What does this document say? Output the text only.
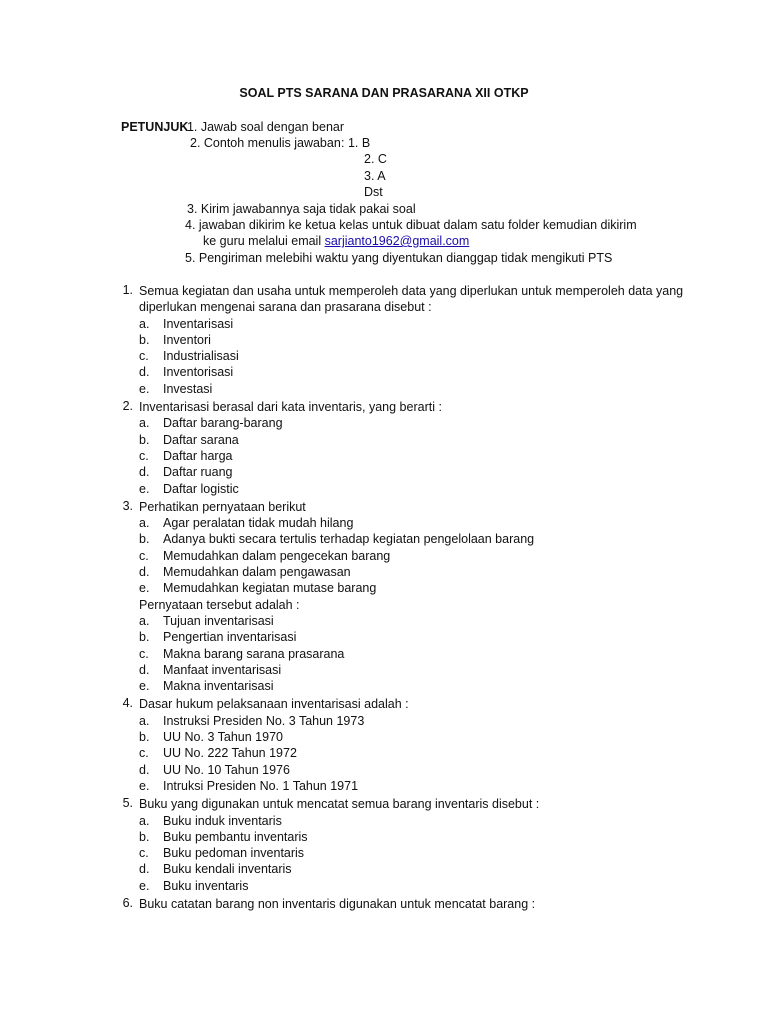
SOAL PTS SARANA DAN PRASARANA XII OTKP
PETUNJUK
: 1. Jawab soal dengan benar
2. Contoh menulis jawaban : 1. B
2. C
3. A
Dst
3. Kirim jawabannya saja tidak pakai soal
4. jawaban dikirim ke ketua kelas untuk dibuat dalam satu folder kemudian dikirim
ke guru melalui email sarjianto1962@gmail.com
5. Pengiriman melebihi waktu yang diyentukan dianggap tidak mengikuti PTS
1. Semua kegiatan dan usaha untuk memperoleh data yang diperlukan untuk memperoleh data yang diperlukan mengenai sarana dan prasarana disebut :
a. Inventarisasi
b. Inventori
c. Industrialisasi
d. Inventorisasi
e. Investasi
2. Inventarisasi berasal dari kata inventaris, yang berarti :
a. Daftar barang-barang
b. Daftar sarana
c. Daftar harga
d. Daftar ruang
e. Daftar logistic
3. Perhatikan pernyataan berikut
a. Agar peralatan tidak mudah hilang
b. Adanya bukti secara tertulis terhadap kegiatan pengelolaan barang
c. Memudahkan dalam pengecekan barang
d. Memudahkan dalam pengawasan
e. Memudahkan kegiatan mutase barang
Pernyataan tersebut adalah :
a. Tujuan inventarisasi
b. Pengertian inventarisasi
c. Makna barang sarana prasarana
d. Manfaat inventarisasi
e. Makna inventarisasi
4. Dasar hukum pelaksanaan inventarisasi adalah :
a. Instruksi Presiden No. 3 Tahun 1973
b. UU No. 3 Tahun 1970
c. UU No. 222 Tahun 1972
d. UU No. 10 Tahun 1976
e. Intruksi Presiden No. 1 Tahun 1971
5. Buku yang digunakan untuk mencatat semua barang inventaris disebut :
a. Buku induk inventaris
b. Buku pembantu inventaris
c. Buku pedoman inventaris
d. Buku kendali inventaris
e. Buku inventaris
6. Buku catatan barang non inventaris digunakan untuk mencatat barang :
